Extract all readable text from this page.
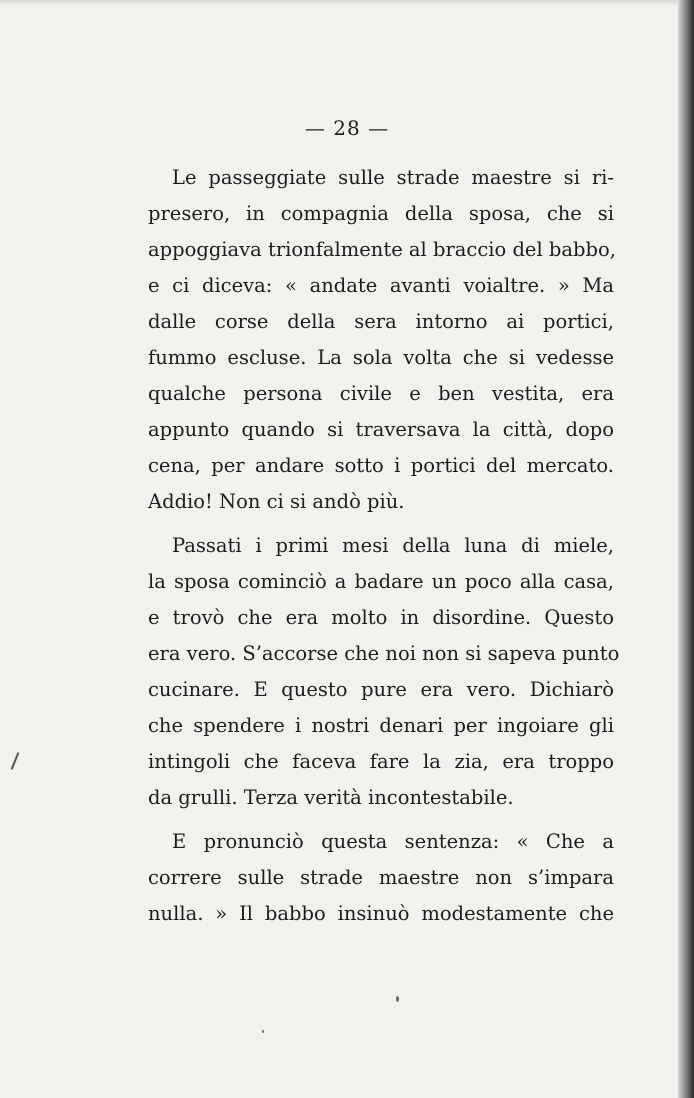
— 28 —
Le passeggiate sulle strade maestre si ri-
presero, in compagnia della sposa, che si
appoggiava trionfalmente al braccio del babbo,
e ci diceva: « andate avanti voialtre. » Ma
dalle corse della sera intorno ai portici,
fummo escluse. La sola volta che si vedesse
qualche persona civile e ben vestita, era
appunto quando si traversava la città, dopo
cena, per andare sotto i portici del mercato.
Addio! Non ci si andò più.
Passati i primi mesi della luna di miele,
la sposa cominciò a badare un poco alla casa,
e trovò che era molto in disordine. Questo
era vero. S’accorse che noi non si sapeva punto
cucinare. E questo pure era vero. Dichiarò
che spendere i nostri denari per ingoiare gli
intingoli che faceva fare la zia, era troppo
da grulli. Terza verità incontestabile.
E pronunciò questa sentenza: « Che a
correre sulle strade maestre non s’impara
nulla. » Il babbo insinuò modestamente che
